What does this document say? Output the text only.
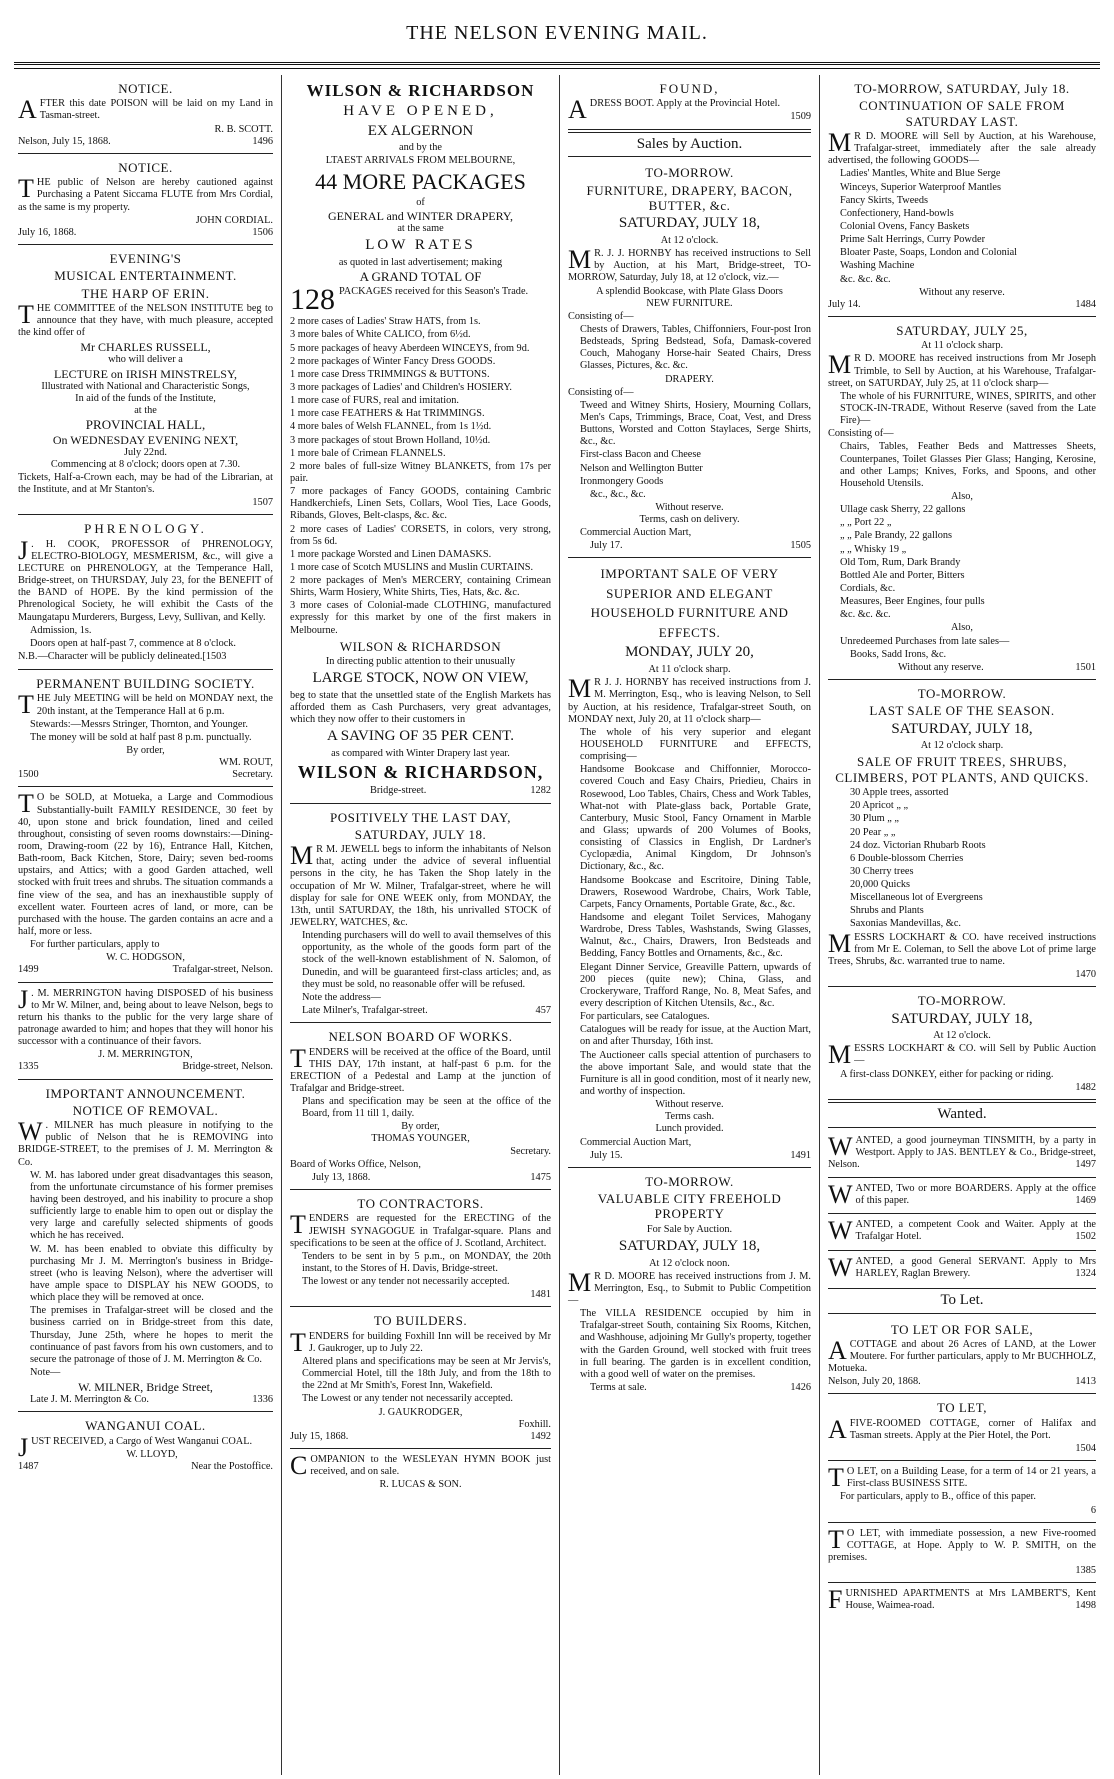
THE NELSON EVENING MAIL.
NOTICE.

AFTER this date POISON will be laid on my Land in Tasman-street.

R. B. SCOTT.
Nelson, July 15, 1868.	1496
NOTICE.

THE public of Nelson are hereby cautioned against Purchasing a Patent Siccama FLUTE from Mrs Cordial, as the same is my property.

JOHN CORDIAL.
July 16, 1868.	1506
EVENING'S
MUSICAL ENTERTAINMENT.
THE HARP OF ERIN.

THE COMMITTEE of the NELSON INSTITUTE beg to announce that they have, with much pleasure, accepted the kind offer of

Mr CHARLES RUSSELL,
who will deliver a
LECTURE on IRISH MINSTRELSY,
Illustrated with National and Characteristic Songs,
In aid of the funds of the Institute,
at the
PROVINCIAL HALL,
On WEDNESDAY EVENING NEXT,
July 22nd.
Commencing at 8 o'clock; doors open at 7.30.

Tickets, Half-a-Crown each, may be had of the Librarian, at the Institute, and at Mr Stanton's.

1507
PHRENOLOGY.

J . H. COOK, PROFESSOR of PHRENOLOGY, ELECTRO-BIOLOGY, MESMERISM, &c., will give a LECTURE on PHRENOLOGY, at the Temperance Hall, Bridge-street, on THURSDAY, July 23, for the BENEFIT of the BAND of HOPE. By the kind permission of the Phrenological Society, he will exhibit the Casts of the Maungatapu Murderers, Burgess, Levy, Sullivan, and Kelly.

Admission, 1s.

Doors open at half-past 7, commence at 8 o'clock.

N.B.—Character will be publicly delineated.[1503

PERMANENT BUILDING SOCIETY.

THE July MEETING will be held on MONDAY next, the 20th instant, at the Temperance Hall at 6 p.m.

Stewards:—Messrs Stringer, Thornton, and Younger.

The money will be sold at half past 8 p.m. punctually.

By order,
WM. ROUT,
1500	Secretary.

T O be SOLD, at Motueka, a Large and Commodious Substantially-built FAMILY RESIDENCE, 30 feet by 40, upon stone and brick foundation, lined and ceiled throughout, consisting of seven rooms downstairs:—Dining-room, Drawing-room (22 by 16), Entrance Hall, Kitchen, Bath-room, Back Kitchen, Store, Dairy; seven bed-rooms upstairs, and Attics; with a good Garden attached, well stocked with fruit trees and shrubs. The situation commands a fine view of the sea, and has an inexhaustible supply of excellent water. Fourteen acres of land, or more, can be purchased with the house. The garden contains an acre and a half, more or less.

For further particulars, apply to

W. C. HODGSON,
1499	Trafalgar-street, Nelson.

J . M. MERRINGTON having DISPOSED of his business to Mr W. Milner, and, being about to leave Nelson, begs to return his thanks to the public for the very large share of patronage awarded to him; and hopes that they will honor his successor with a continuance of their favors.

J. M. MERRINGTON,
1335	Bridge-street, Nelson.
IMPORTANT ANNOUNCEMENT.
NOTICE OF REMOVAL.

W . MILNER has much pleasure in notifying to the public of Nelson that he is REMOVING into BRIDGE-STREET, to the premises of J. M. Merrington & Co.

W. M. has labored under great disadvantages this season, from the unfortunate circumstance of his former premises having been destroyed, and his inability to procure a shop sufficiently large to enable him to open out or display the very large and carefully selected shipments of goods which he has received.

W. M. has been enabled to obviate this difficulty by purchasing Mr J. M. Merrington's business in Bridge-street (who is leaving Nelson), where the advertiser will have ample space to DISPLAY his NEW GOODS, to which place they will be removed at once.

The premises in Trafalgar-street will be closed and the business carried on in Bridge-street from this date, Thursday, June 25th, where he hopes to merit the continuance of past favors from his own customers, and to secure the patronage of those of J. M. Merrington & Co.

Note—

W. MILNER, Bridge Street,
Late J. M. Merrington & Co.	1336
WANGANUI COAL.

JUST RECEIVED, a Cargo of West Wanganui COAL.

W. LLOYD,
1487	Near the Postoffice.
WILSON & RICHARDSON
HAVE OPENED,
EX ALGERNON
and by the
LTAEST ARRIVALS FROM MELBOURNE,
44 MORE PACKAGES
of
GENERAL and WINTER DRAPERY,
at the same
LOW RATES
as quoted in last advertisement; making
A GRAND TOTAL OF
128 PACKAGES received for this Season's Trade.

2 more cases of Ladies' Straw HATS, from 1s.

3 more bales of White CALICO, from 6½d.

5 more packages of heavy Aberdeen WINCEYS, from 9d.

2 more packages of Winter Fancy Dress GOODS.

1 more case Dress TRIMMINGS & BUTTONS.

3 more packages of Ladies' and Children's HOSIERY.

1 more case of FURS, real and imitation.

1 more case FEATHERS & Hat TRIMMINGS.

4 more bales of Welsh FLANNEL, from 1s 1½d.

3 more packages of stout Brown Holland, 10½d.

1 more bale of Crimean FLANNELS.

2 more bales of full-size Witney BLANKETS, from 17s per pair.

7 more packages of Fancy GOODS, containing Cambric Handkerchiefs, Linen Sets, Collars, Wool Ties, Lace Goods, Ribands, Gloves, Belt-clasps, &c. &c.

2 more cases of Ladies' CORSETS, in colors, very strong, from 5s 6d.

1 more package Worsted and Linen DAMASKS.

1 more case of Scotch MUSLINS and Muslin CURTAINS.

2 more packages of Men's MERCERY, containing Crimean Shirts, Warm Hosiery, White Shirts, Ties, Hats, &c. &c.

3 more cases of Colonial-made CLOTHING, manufactured expressly for this market by one of the first makers in Melbourne.

WILSON & RICHARDSON
In directing public attention to their unusually
LARGE STOCK, NOW ON VIEW,

beg to state that the unsettled state of the English Markets has afforded them as Cash Purchasers, very great advantages, which they now offer to their customers in

A SAVING OF 35 PER CENT.
as compared with Winter Drapery last year.
WILSON & RICHARDSON,
Bridge-street.	1282
POSITIVELY THE LAST DAY,
SATURDAY, JULY 18.

M R M. JEWELL begs to inform the inhabitants of Nelson that, acting under the advice of several influential persons in the city, he has Taken the Shop lately in the occupation of Mr W. Milner, Trafalgar-street, where he will display for sale for ONE WEEK only, from MONDAY, the 13th, until SATURDAY, the 18th, his unrivalled STOCK of JEWELRY, WATCHES, &c.

Intending purchasers will do well to avail themselves of this opportunity, as the whole of the goods form part of the stock of the well-known establishment of N. Salomon, of Dunedin, and will be guaranteed first-class articles; and, as they must be sold, no reasonable offer will be refused.

Note the address—

Late Milner's, Trafalgar-street.	457
NELSON BOARD OF WORKS.

TENDERS will be received at the office of the Board, until THIS DAY, 17th instant, at half-past 6 p.m. for the ERECTION of a Pedestal and Lamp at the junction of Trafalgar and Bridge-street.

Plans and specification may be seen at the office of the Board, from 11 till 1, daily.

By order,
THOMAS YOUNGER,
Secretary.

Board of Works Office, Nelson,

July 13, 1868.	1475
TO CONTRACTORS.

TENDERS are requested for the ERECTING of the JEWISH SYNAGOGUE in Trafalgar-square. Plans and specifications to be seen at the office of J. Scotland, Architect.

Tenders to be sent in by 5 p.m., on MONDAY, the 20th instant, to the Stores of H. Davis, Bridge-street.

The lowest or any tender not necessarily accepted.

1481
TO BUILDERS.

TENDERS for building Foxhill Inn will be received by Mr J. Gaukroger, up to July 22.

Altered plans and specifications may be seen at Mr Jervis's, Commercial Hotel, till the 18th July, and from the 18th to the 22nd at Mr Smith's, Forest Inn, Wakefield.

The Lowest or any tender not necessarily accepted.

J. GAUKRODGER,
Foxhill.
July 15, 1868.	1492

COMPANION to the WESLEYAN HYMN BOOK just received, and on sale.

R. LUCAS & SON.
FOUND,

ADRESS BOOT. Apply at the Provincial Hotel.

1509
Sales by Auction.
TO-MORROW.
FURNITURE, DRAPERY, BACON, BUTTER, &c.
SATURDAY, JULY 18,
At 12 o'clock.

M R. J. J. HORNBY has received instructions to Sell by Auction, at his Mart, Bridge-street, TO-MORROW, Saturday, July 18, at 12 o'clock, viz.—

A splendid Bookcase, with Plate Glass Doors
NEW FURNITURE.

Consisting of—

Chests of Drawers, Tables, Chiffonniers, Four-post Iron Bedsteads, Spring Bedstead, Sofa, Damask-covered Couch, Mahogany Horse-hair Seated Chairs, Dress Glasses, Pictures, &c. &c.

DRAPERY.

Consisting of—

Tweed and Witney Shirts, Hosiery, Mourning Collars, Men's Caps, Trimmings, Brace, Coat, Vest, and Dress Buttons, Worsted and Cotton Staylaces, Serge Shirts, &c., &c.

First-class Bacon and Cheese

Nelson and Wellington Butter

Ironmongery Goods

&c., &c., &c.

Without reserve.
Terms, cash on delivery.

Commercial Auction Mart,

July 17.	1505
IMPORTANT SALE OF VERY SUPERIOR AND ELEGANT HOUSEHOLD FURNITURE AND EFFECTS.
MONDAY, JULY 20,
At 11 o'clock sharp.

M R J. J. HORNBY has received instructions from J. M. Merrington, Esq., who is leaving Nelson, to Sell by Auction, at his residence, Trafalgar-street South, on MONDAY next, July 20, at 11 o'clock sharp—

The whole of his very superior and elegant HOUSEHOLD FURNITURE and EFFECTS, comprising—

Handsome Bookcase and Chiffonnier, Morocco-covered Couch and Easy Chairs, Priedieu, Chairs in Rosewood, Loo Tables, Chairs, Chess and Work Tables, What-not with Plate-glass back, Portable Grate, Canterbury, Music Stool, Fancy Ornament in Marble and Glass; upwards of 200 Volumes of Books, consisting of Classics in English, Dr Lardner's Cyclopædia, Animal Kingdom, Dr Johnson's Dictionary, &c., &c.

Handsome Bookcase and Escritoire, Dining Table, Drawers, Rosewood Wardrobe, Chairs, Work Table, Carpets, Fancy Ornaments, Portable Grate, &c., &c.

Handsome and elegant Toilet Services, Mahogany Wardrobe, Dress Tables, Washstands, Swing Glasses, Walnut, &c., Chairs, Drawers, Iron Bedsteads and Bedding, Fancy Bottles and Ornaments, &c., &c.

Elegant Dinner Service, Greaville Pattern, upwards of 200 pieces (quite new); China, Glass, and Crockeryware, Trafford Range, No. 8, Meat Safes, and every description of Kitchen Utensils, &c., &c.

For particulars, see Catalogues.

Catalogues will be ready for issue, at the Auction Mart, on and after Thursday, 16th inst.

The Auctioneer calls special attention of purchasers to the above important Sale, and would state that the Furniture is all in good condition, most of it nearly new, and worthy of inspection.

Without reserve.
Terms cash.
Lunch provided.

Commercial Auction Mart,

July 15.	1491
TO-MORROW.
VALUABLE CITY FREEHOLD PROPERTY
For Sale by Auction.
SATURDAY, JULY 18,
At 12 o'clock noon.

M R D. MOORE has received instructions from J. M. Merrington, Esq., to Submit to Public Competition—

The VILLA RESIDENCE occupied by him in Trafalgar-street South, containing Six Rooms, Kitchen, and Washhouse, adjoining Mr Gully's property, together with the Garden Ground, well stocked with fruit trees in full bearing. The garden is in excellent condition, with a good well of water on the premises.

Terms at sale.	1426
TO-MORROW, SATURDAY, July 18.
CONTINUATION OF SALE FROM SATURDAY LAST.

M R D. MOORE will Sell by Auction, at his Warehouse, Trafalgar-street, immediately after the sale already advertised, the following GOODS—

Ladies' Mantles, White and Blue Serge

Winceys, Superior Waterproof Mantles

Fancy Skirts, Tweeds

Confectionery, Hand-bowls

Colonial Ovens, Fancy Baskets

Prime Salt Herrings, Curry Powder

Bloater Paste, Soaps, London and Colonial

Washing Machine

&c. &c. &c.

Without any reserve.
July 14.	1484
SATURDAY, JULY 25,
At 11 o'clock sharp.

M R D. MOORE has received instructions from Mr Joseph Trimble, to Sell by Auction, at his Warehouse, Trafalgar-street, on SATURDAY, July 25, at 11 o'clock sharp—

The whole of his FURNITURE, WINES, SPIRITS, and other STOCK-IN-TRADE, Without Reserve (saved from the Late Fire)—

Consisting of—

Chairs, Tables, Feather Beds and Mattresses Sheets, Counterpanes, Toilet Glasses Pier Glass; Hanging, Kerosine, and other Lamps; Knives, Forks, and Spoons, and other Household Utensils.

Also,

Ullage cask Sherry, 22 gallons

„ „ Port 22 „

„ „ Pale Brandy, 22 gallons

„ „ Whisky 19 „

Old Tom, Rum, Dark Brandy

Bottled Ale and Porter, Bitters

Cordials, &c.

Measures, Beer Engines, four pulls

&c. &c. &c.

Also,

Unredeemed Purchases from late sales—

Books, Sadd Irons, &c.

Without any reserve.	1501
TO-MORROW.
LAST SALE OF THE SEASON.
SATURDAY, JULY 18,
At 12 o'clock sharp.
SALE OF FRUIT TREES, SHRUBS, CLIMBERS, POT PLANTS, AND QUICKS.

30 Apple trees, assorted

20 Apricot „ „

30 Plum „ „

20 Pear „ „

24 doz. Victorian Rhubarb Roots

6 Double-blossom Cherries

30 Cherry trees

20,000 Quicks

Miscellaneous lot of Evergreens

Shrubs and Plants

Saxonias Mandevillas, &c.

MESSRS LOCKHART & CO. have received instructions from Mr E. Coleman, to Sell the above Lot of prime large Trees, Shrubs, &c. warranted true to name.

1470
TO-MORROW.
SATURDAY, JULY 18,
At 12 o'clock.

MESSRS LOCKHART & CO. will Sell by Public Auction—

A first-class DONKEY, either for packing or riding.

1482
Wanted.

WANTED, a good journeyman TINSMITH, by a party in Westport. Apply to JAS. BENTLEY & Co., Bridge-street, Nelson.	1497

WANTED, Two or more BOARDERS. Apply at the office of this paper.	1469

WANTED, a competent Cook and Waiter. Apply at the Trafalgar Hotel.	1502

WANTED, a good General SERVANT. Apply to Mrs HARLEY, Raglan Brewery.	1324

To Let.
TO LET OR FOR SALE,

ACOTTAGE and about 26 Acres of LAND, at the Lower Moutere. For further particulars, apply to Mr BUCHHOLZ, Motueka.

Nelson, July 20, 1868.	1413
TO LET,

AFIVE-ROOMED COTTAGE, corner of Halifax and Tasman streets. Apply at the Pier Hotel, the Port.

1504

T O LET, on a Building Lease, for a term of 14 or 21 years, a First-class BUSINESS SITE.

For particulars, apply to B., office of this paper.

6

T O LET, with immediate possession, a new Five-roomed COTTAGE, at Hope. Apply to W. P. SMITH, on the premises.

1385

FURNISHED APARTMENTS at Mrs LAMBERT'S, Kent House, Waimea-road.	1498
